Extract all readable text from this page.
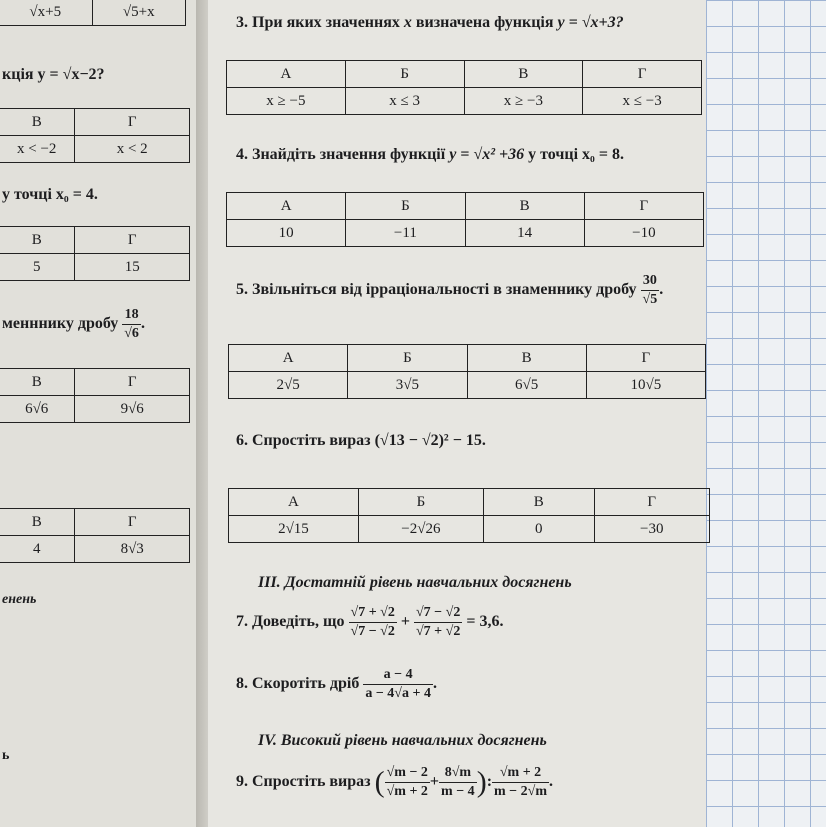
√x+5	√5+x
кція y = √x−2?
В	Г
x < −2	x < 2
у точці x₀ = 4.
В	Г
5	15
менннику дробу $\frac{18}{√6}$ .
В	Г
6√6	9√6
В	Г
4	8√3
енень
ь
3. При яких значеннях x визначена функція y = √x+3?
А	Б	В	Г
x ≥ −5	x ≤ 3	x ≥ −3	x ≤ −3
4. Знайдіть значення функції y = √x² +36 у точці x₀ = 8.
А	Б	В	Г
10	−11	14	−10
5. Звільніться від ірраціональності в знаменнику дробу $\frac{30}{√5}$ .
А	Б	В	Г
2√5	3√5	6√5	10√5
6. Спростіть вираз (√13 − √2)² − 15.
А	Б	В	Г
2√15	−2√26	0	−30
ІІІ. Достатній рівень навчальних досягнень
7. Доведіть, що $\frac{√7 + √2}{√7 - √2} + \frac{√7 - √2}{√7 + √2} = 3,6$.
8. Скоротіть дріб $\frac{a - 4}{a - 4√a + 4}$ .
IV. Високий рівень навчальних досягнень
9. Спростіть вираз ( $\frac{√m - 2}{√m + 2} + \frac{8√m}{m - 4}$ ): $\frac{√m + 2}{m - 2√m}$ .
